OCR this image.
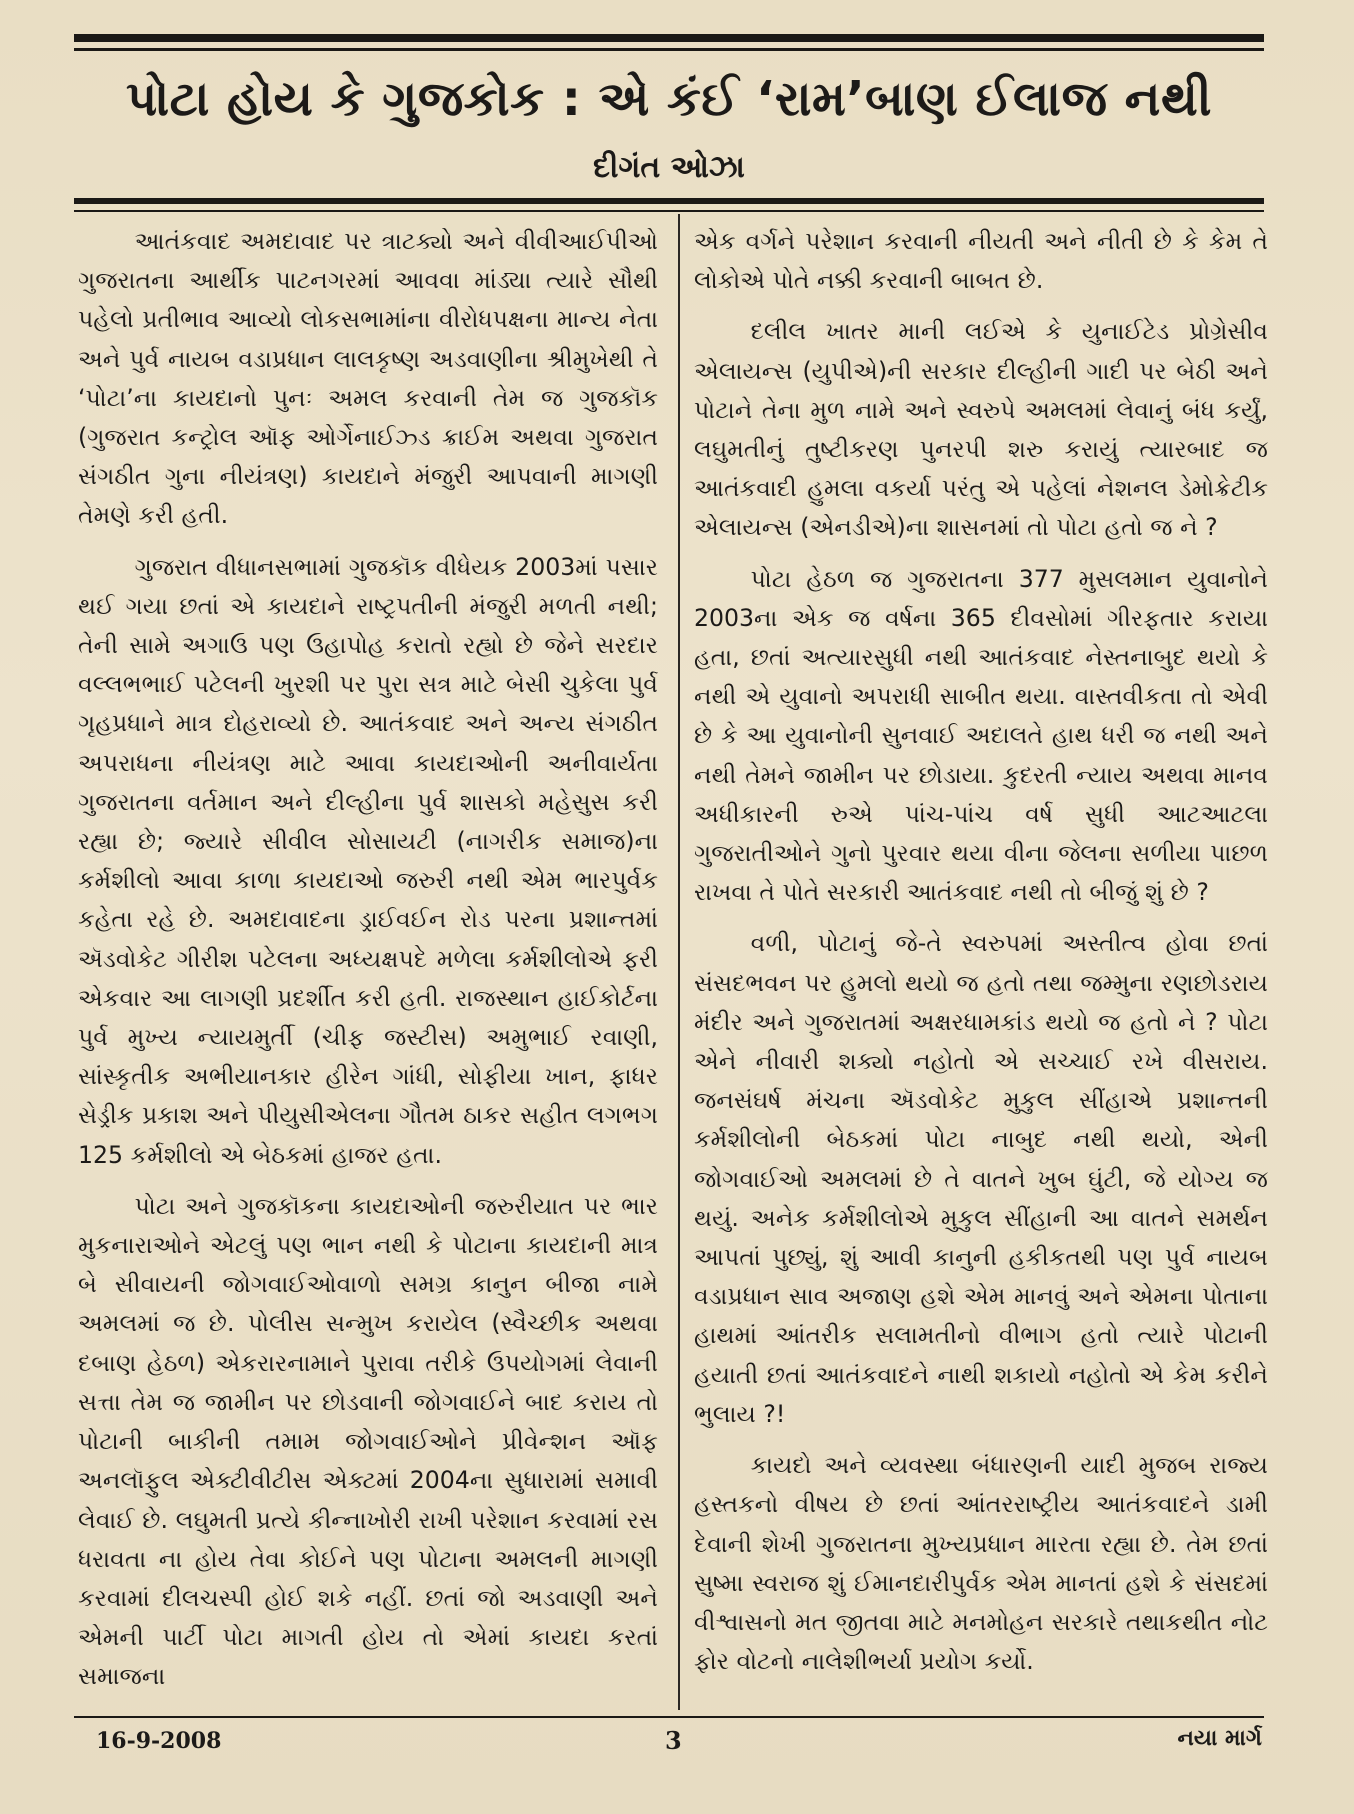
પોટા હોય કે ગુજકોક : એ કંઈ ‘રામ’બાણ ઈલાજ નથી
દીગંત ઓઝા

આતંકવાદ અમદાવાદ પર ત્રાટક્યો અને વીવીઆઈપીઓ ગુજરાતના આર્થીક પાટનગરમાં આવવા માંડ્યા ત્યારે સૌથી પહેલો પ્રતીભાવ આવ્યો લોકસભામાંના વીરોધપક્ષના માન્ય નેતા અને પુર્વ નાયબ વડાપ્રધાન લાલકૃષ્ણ અડવાણીના શ્રીમુખેથી તે ‘પોટા’ના કાયદાનો પુનઃ અમલ કરવાની તેમ જ ગુજકૉક (ગુજરાત કન્ટ્રોલ ઑફ ઓર્ગેનાઈઝ્ડ ક્રાઈમ અથવા ગુજરાત સંગઠીત ગુના નીયંત્રણ) કાયદાને મંજુરી આપવાની માગણી તેમણે કરી હતી.

ગુજરાત વીધાનસભામાં ગુજકૉક વીધેયક 2003માં પસાર થઈ ગયા છતાં એ કાયદાને રાષ્ટ્રપતીની મંજુરી મળતી નથી; તેની સામે અગાઉ પણ ઉહાપોહ કરાતો રહ્યો છે જેને સરદાર વલ્લભભાઈ પટેલની ખુરશી પર પુરા સત્ર માટે બેસી ચુકેલા પુર્વ ગૃહપ્રધાને માત્ર દોહરાવ્યો છે. આતંકવાદ અને અન્ય સંગઠીત અપરાધના નીયંત્રણ માટે આવા કાયદાઓની અનીવાર્યતા ગુજરાતના વર્તમાન અને દીલ્હીના પુર્વ શાસકો મહેસુસ કરી રહ્યા છે; જ્યારે સીવીલ સોસાયટી (નાગરીક સમાજ)ના કર્મશીલો આવા કાળા કાયદાઓ જરુરી નથી એમ ભારપુર્વક કહેતા રહે છે. અમદાવાદના ડ્રાઈવઈન રોડ પરના પ્રશાન્તમાં ઍડવોકેટ ગીરીશ પટેલના અધ્યક્ષપદે મળેલા કર્મશીલોએ ફરી એકવાર આ લાગણી પ્રદર્શીત કરી હતી. રાજસ્થાન હાઈકોર્ટના પુર્વ મુખ્ય ન્યાયમુર્તી (ચીફ જસ્ટીસ) અમુભાઈ રવાણી, સાંસ્કૃતીક અભીયાનકાર હીરેન ગાંધી, સોફીયા ખાન, ફાધર સેડ્રીક પ્રકાશ અને પીયુસીએલના ગૌતમ ઠાકર સહીત લગભગ 125 કર્મશીલો એ બેઠકમાં હાજર હતા.

પોટા અને ગુજકૉકના કાયદાઓની જરુરીયાત પર ભાર મુકનારાઓને એટલું પણ ભાન નથી કે પોટાના કાયદાની માત્ર બે સીવાયની જોગવાઈઓવાળો સમગ્ર કાનુન બીજા નામે અમલમાં જ છે. પોલીસ સન્મુખ કરાયેલ (સ્વૈચ્છીક અથવા દબાણ હેઠળ) એકરારનામાને પુરાવા તરીકે ઉપયોગમાં લેવાની સત્તા તેમ જ જામીન પર છોડવાની જોગવાઈને બાદ કરાય તો પોટાની બાકીની તમામ જોગવાઈઓને પ્રીવેન્શન ઑફ અનલૉફુલ એક્ટીવીટીસ એક્ટમાં 2004ના સુધારામાં સમાવી લેવાઈ છે. લઘુમતી પ્રત્યે કીન્નાખોરી રાખી પરેશાન કરવામાં રસ ધરાવતા ના હોય તેવા કોઈને પણ પોટાના અમલની માગણી કરવામાં દીલચસ્પી હોઈ શકે નહીં. છતાં જો અડવાણી અને એમની પાર્ટી પોટા માગતી હોય તો એમાં કાયદા કરતાં સમાજના

એક વર્ગને પરેશાન કરવાની નીયતી અને નીતી છે કે કેમ તે લોકોએ પોતે નક્કી કરવાની બાબત છે.

દલીલ ખાતર માની લઈએ કે યુનાઈટેડ પ્રોગ્રેસીવ એલાયન્સ (યુપીએ)ની સરકાર દીલ્હીની ગાદી પર બેઠી અને પોટાને તેના મુળ નામે અને સ્વરુપે અમલમાં લેવાનું બંધ કર્યું, લઘુમતીનું તુષ્ટીકરણ પુનરપી શરુ કરાયું ત્યારબાદ જ આતંકવાદી હુમલા વકર્યા પરંતુ એ પહેલાં નેશનલ ડેમોક્રેટીક એલાયન્સ (એનડીએ)ના શાસનમાં તો પોટા હતો જ ને ?

પોટા હેઠળ જ ગુજરાતના 377 મુસલમાન યુવાનોને 2003ના એક જ વર્ષના 365 દીવસોમાં ગીરફતાર કરાયા હતા, છતાં અત્યારસુધી નથી આતંકવાદ નેસ્તનાબુદ થયો કે નથી એ યુવાનો અપરાધી સાબીત થયા. વાસ્તવીકતા તો એવી છે કે આ યુવાનોની સુનવાઈ અદાલતે હાથ ધરી જ નથી અને નથી તેમને જામીન પર છોડાયા. કુદરતી ન્યાય અથવા માનવ અધીકારની રુએ પાંચ-પાંચ વર્ષ સુધી આટઆટલા ગુજરાતીઓને ગુનો પુરવાર થયા વીના જેલના સળીયા પાછળ રાખવા તે પોતે સરકારી આતંકવાદ નથી તો બીજું શું છે ?

વળી, પોટાનું જે-તે સ્વરુપમાં અસ્તીત્વ હોવા છતાં સંસદભવન પર હુમલો થયો જ હતો તથા જમ્મુના રણછોડરાય મંદીર અને ગુજરાતમાં અક્ષરધામકાંડ થયો જ હતો ને ? પોટા એને નીવારી શક્યો નહોતો એ સચ્ચાઈ રખે વીસરાય. જનસંઘર્ષ મંચના ઍડવોકેટ મુકુલ સીંહાએ પ્રશાન્તની કર્મશીલોની બેઠકમાં પોટા નાબુદ નથી થયો, એની જોગવાઈઓ અમલમાં છે તે વાતને ખુબ ઘુંટી, જે યોગ્ય જ થયું. અનેક કર્મશીલોએ મુકુલ સીંહાની આ વાતને સમર્થન આપતાં પુછ્યું, શું આવી કાનુની હકીકતથી પણ પુર્વ નાયબ વડાપ્રધાન સાવ અજાણ હશે એમ માનવું અને એમના પોતાના હાથમાં આંતરીક સલામતીનો વીભાગ હતો ત્યારે પોટાની હયાતી છતાં આતંકવાદને નાથી શકાયો નહોતો એ કેમ કરીને ભુલાય ?!

કાયદો અને વ્યવસ્થા બંધારણની યાદી મુજબ રાજ્ય હસ્તકનો વીષય છે છતાં આંતરરાષ્ટ્રીય આતંકવાદને ડામી દેવાની શેખી ગુજરાતના મુખ્યપ્રધાન મારતા રહ્યા છે. તેમ છતાં સુષ્મા સ્વરાજ શું ઈમાનદારીપુર્વક એમ માનતાં હશે કે સંસદમાં વીશ્વાસનો મત જીતવા માટે મનમોહન સરકારે તથાકથીત નોટ ફોર વોટનો નાલેશીભર્યા પ્રયોગ કર્યો.

16-9-2008	3	નયા માર્ગ
